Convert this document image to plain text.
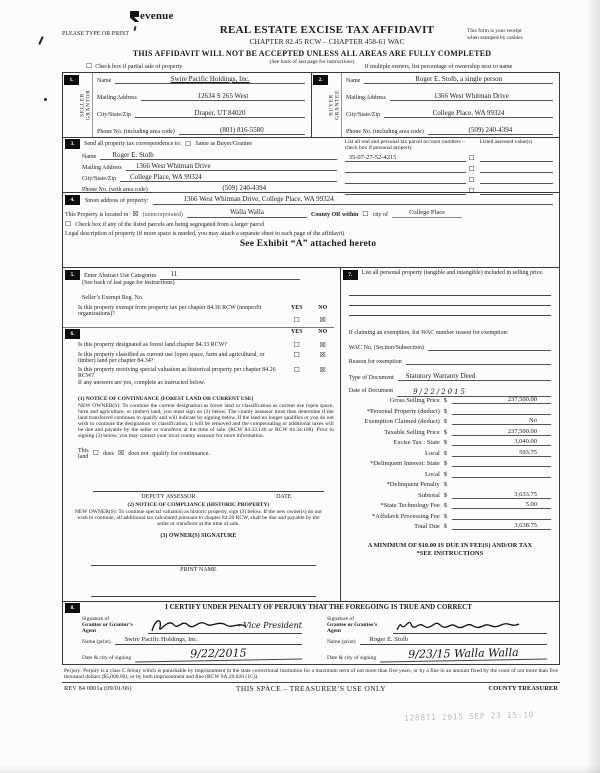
evenue
PLEASE TYPE OR PRINT	REAL ESTATE EXCISE TAX AFFIDAVIT
CHAPTER 82.45 RCW – CHAPTER 458-61 WAC
This form is your receipt
when stamped by cashier.
THIS AFFIDAVIT WILL NOT BE ACCEPTED UNLESS ALL AREAS ARE FULLY COMPLETED
(See back of last page for instructions)
☐ Check box if partial sale of property	If multiple owners, list percentage of ownership next to name
1.
SELLER
GRANTOR
Name	Swire Pacific Holdings, Inc.
Mailing Address	12634 S 265 West
City/State/Zip	Draper, UT 84020
Phone No. (including area code)	(801) 816-5580
2.
BUYER
GRANTEE
Name	Roger E. Stolb, a single person
Mailing Address	1366 West Whitman Drive
City/State/Zip	College Place, WA 99324
Phone No. (including area code)	(509) 240-4394
3.	Send all property tax correspondence to: ☐ Same as Buyer/Grantee
Name	Roger E. Stolb
Mailing Address	1366 West Whitman Drive
City/State/Zip	College Place, WA 99324
Phone No. (with area code)	(509) 240-4394
List all real and personal tax parcel account numbers – check box if personal property
Listed assessed value(s)
35-07-27-52-4215	☐
☐
☐
☐
4.	Street address of property:	1366 West Whitman Drive, College Place, WA 99324
This Property is located in ☒ (unincorporated)	Walla Walla	County OR within ☐ city of	College Place
☐ Check box if any of the listed parcels are being segregated from a larger parcel
Legal description of property (if more space is needed, you may attach a separate sheet to each page of the affidavit)
See Exhibit “A” attached hereto
5.	Enter Abstract Use Categories	11
(See back of last page for instructions)
Seller’s Exempt Reg. No.
Is this property exempt from property tax per chapter 84.36 RCW (nonprofit organizations)?
YES	NO
☐	☒
6.	YES	NO
Is this property designated as forest land chapter 84.33 RCW?	☐	☒
Is this property classified as current use (open space, farm and agricultural, or timber) land per chapter 84.34?
☐	☒
Is this property receiving special valuation as historical property per chapter 84.26 RCW?
☐	☒
If any answers are yes, complete as instructed below.
(1) NOTICE OF CONTINUANCE (FOREST LAND OR CURRENT USE)
NEW OWNER(S): To continue the current designation as forest land or classification as current use (open space, farm and agriculture, or timber) land, you must sign on (3) below. The county assessor must then determine if the land transferred continues to qualify and will indicate by signing below. If the land no longer qualifies or you do not wish to continue the designation or classification, it will be removed and the compensating or additional taxes will be due and payable by the seller or transferor at the time of sale. (RCW 84.33.140 or RCW 84.34.108). Prior to signing (3) below, you may contact your local county assessor for more information.
This land ☐ does ☒ does not qualify for continuance.
DEPUTY ASSESSOR	DATE
(2) NOTICE OF COMPLIANCE (HISTORIC PROPERTY)
NEW OWNER(S): To continue special valuation as historic property, sign (3) below. If the new owner(s) do not wish to continue, all additional tax calculated pursuant to chapter 84.26 RCW, shall be due and payable by the seller or transferor at the time of sale.
(3) OWNER(S) SIGNATURE
PRINT NAME
7.	List all personal property (tangible and intangible) included in selling price.
If claiming an exemption, list WAC number reason for exemption:
WAC No. (Section/Subsection)
Reason for exemption
Type of Document	Statutory Warranty Deed
Date of Document	9/22/2015
Gross Selling Price $	237,500.00
*Personal Property (deduct) $
Exemption Claimed (deduct) $	No
Taxable Selling Price $	237,500.00
Excise Tax : State $	3,040.00
Local $	593.75
*Delinquent Interest: State $
Local $
*Delinquent Penalty $
Subtotal $	3,633.75
*State Technology Fee $	5.00
*Affidavit Processing Fee $
Total Due $	3,638.75
A MINIMUM OF $10.00 IS DUE IN FEE(S) AND/OR TAX
*SEE INSTRUCTIONS
8.	I CERTIFY UNDER PENALTY OF PERJURY THAT THE FOREGOING IS TRUE AND CORRECT
Signature of
Grantor or Grantor’s Agent
- Vice President
Name (print)	Swire Pacific Holdings, Inc.
Date & city of signing	9/22/2015
Signature of
Grantee or Grantee’s Agent
Name (print)	Roger E. Stolb
Date & city of signing	9/23/15 Walla Walla
Perjury: Perjury is a class C felony which is punishable by imprisonment in the state correctional institution for a maximum term of not more than five years, or by a fine in an amount fixed by the court of not more than five thousand dollars ($5,000.00), or by both imprisonment and fine (RCW 9A.20.020 (1C)).
REV 84 0001a (09/01/06)	THIS SPACE – TREASURER’S USE ONLY	COUNTY TREASURER
128871 2015 SEP 23 15:10
